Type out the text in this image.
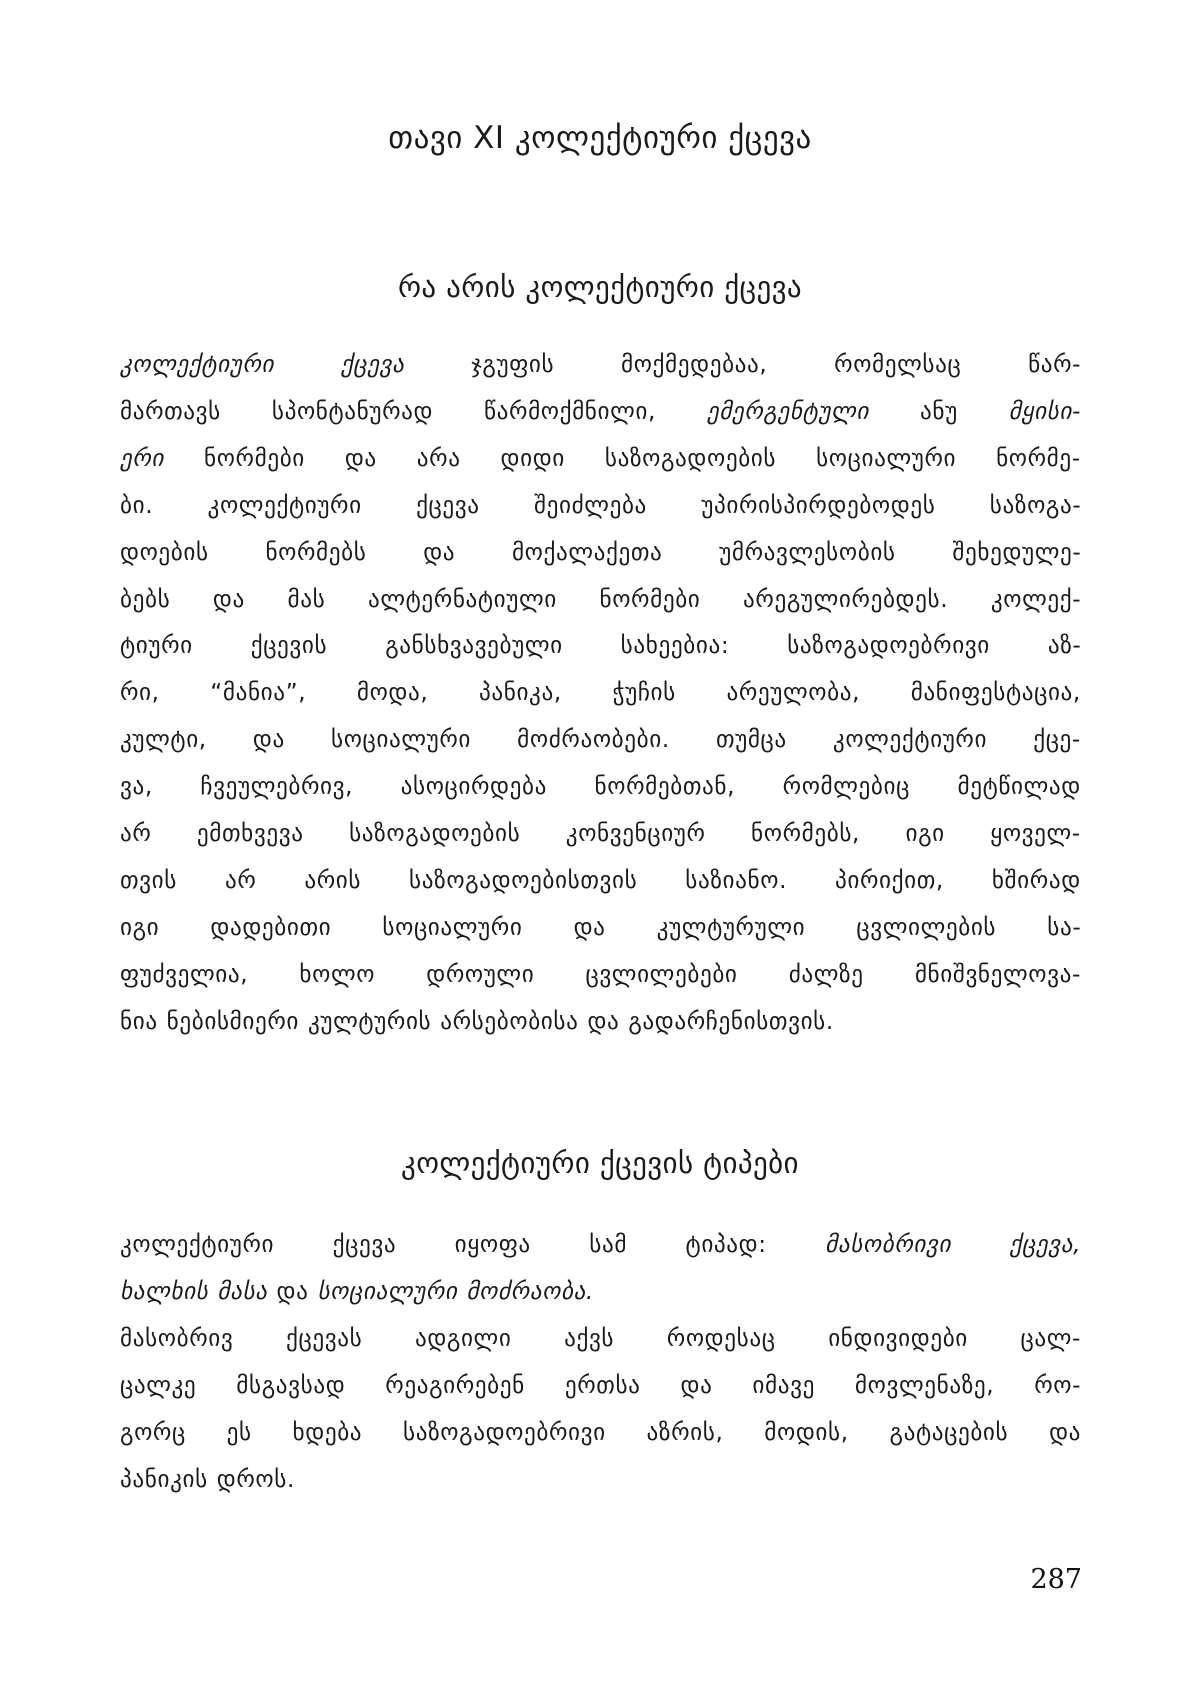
თავი XI კოლექტიური ქცევა
რა არის კოლექტიური ქცევა

კოლექტიური ქცევა ჯგუფის მოქმედებაა, რომელსაც წარ-
მართავს სპონტანურად წარმოქმნილი, ემერგენტული ანუ მყისი-
ერი ნორმები და არა დიდი საზოგადოების სოციალური ნორმე-
ბი. კოლექტიური ქცევა შეიძლება უპირისპირდებოდეს საზოგა-
დოების ნორმებს და მოქალაქეთა უმრავლესობის შეხედულე-
ბებს და მას ალტერნატიული ნორმები არეგულირებდეს. კოლექ-
ტიური ქცევის განსხვავებული სახეებია: საზოგადოებრივი აზ-
რი, “მანია”, მოდა, პანიკა, ჭუჩის არეულობა, მანიფესტაცია,
კულტი, და სოციალური მოძრაობები. თუმცა კოლექტიური ქცე-
ვა, ჩვეულებრივ, ასოცირდება ნორმებთან, რომლებიც მეტწილად
არ ემთხვევა საზოგადოების კონვენციურ ნორმებს, იგი ყოველ-
თვის არ არის საზოგადოებისთვის საზიანო. პირიქით, ხშირად
იგი დადებითი სოციალური და კულტურული ცვლილების სა-
ფუძველია, ხოლო დროული ცვლილებები ძალზე მნიშვნელოვა-
ნია ნებისმიერი კულტურის არსებობისა და გადარჩენისთვის.

კოლექტიური ქცევის ტიპები

კოლექტიური ქცევა იყოფა სამ ტიპად: მასობრივი ქცევა,
ხალხის მასა და სოციალური მოძრაობა.

მასობრივ ქცევას ადგილი აქვს როდესაც ინდივიდები ცალ-
ცალკე მსგავსად რეაგირებენ ერთსა და იმავე მოვლენაზე, რო-
გორც ეს ხდება საზოგადოებრივი აზრის, მოდის, გატაცების და
პანიკის დროს.

287
